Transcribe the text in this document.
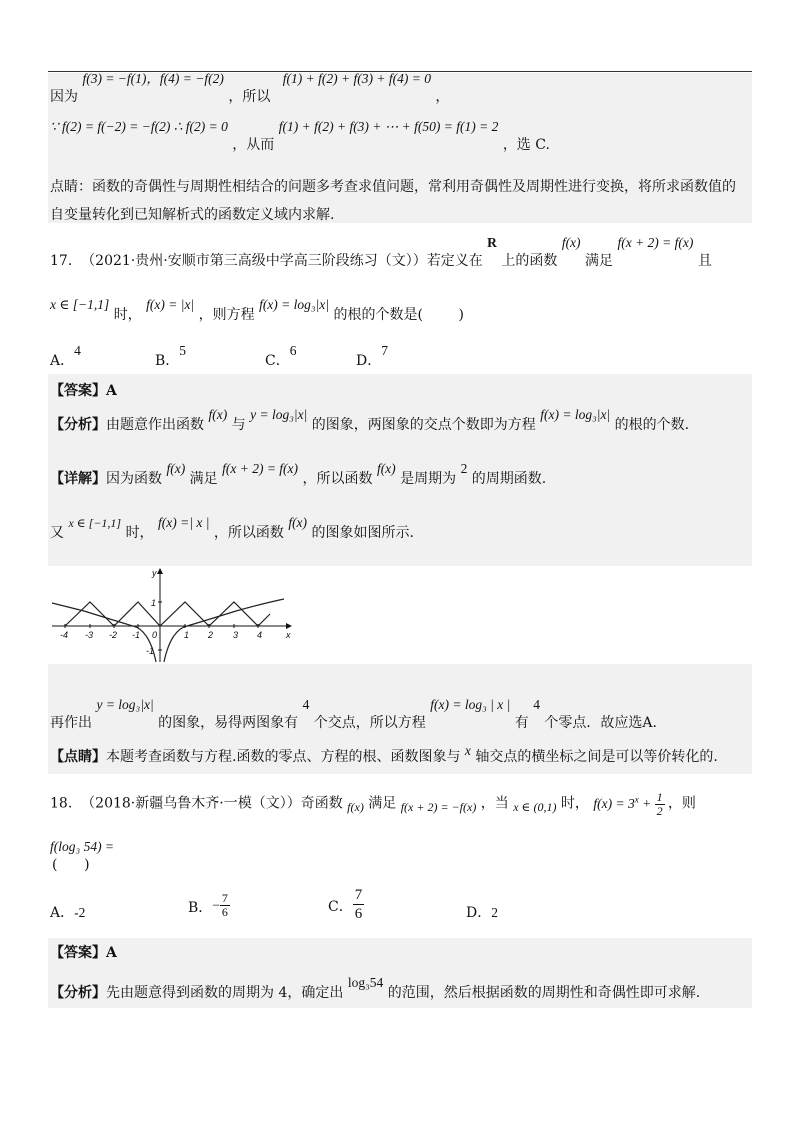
因为 f(3) = −f(1)，f(4) = −f(2) ，所以 f(1) + f(2) + f(3) + f(4) = 0 ，
∵ f(2) = f(−2) = −f(2) ∴ f(2) = 0 ，从而 f(1) + f(2) + f(3) + ⋯ + f(50) = f(1) = 2 ，选 C.
点睛：函数的奇偶性与周期性相结合的问题多考查求值问题，常利用奇偶性及周期性进行变换，将所求函数值的
自变量转化到已知解析式的函数定义域内求解.
17.  （2021·贵州·安顺市第三高级中学高三阶段练习（文））若定义在 R 上的函数 f(x) 满足 f(x + 2) = f(x) 且
x ∈ [−1,1] 时， f(x) = |x| ，则方程 f(x) = log₃|x| 的根的个数是(        )
A．4
B．5
C．6
D．7
【答案】A
【分析】由题意作出函数 f(x) 与 y = log₃|x| 的图象，两图象的交点个数即为方程 f(x) = log₃|x| 的根的个数.
【详解】因为函数 f(x) 满足 f(x + 2) = f(x) ，所以函数 f(x) 是周期为 2 的周期函数.
又 x ∈ [−1,1] 时， f(x) =| x | ，所以函数 f(x) 的图象如图所示.
-4 -3 -2 -1 0	1 2 3 4
1
-1
x
y
再作出 y = log₃|x| 的图象，易得两图象有 4 个交点，所以方程 f(x) = log₃ | x | 有 4 个零点．故应选A.
【点睛】本题考查函数与方程.函数的零点、方程的根、函数图象与 x 轴交点的横坐标之间是可以等价转化的.
18.  （2018·新疆乌鲁木齐·一模（文））奇函数 f(x) 满足 f(x + 2) = −f(x) ，当 x ∈ (0,1) 时， $f(x) = 3^x + \frac{1}{2}$ ，则
f(log₃ 54) =
(      )
A．-2	B．− $\frac{7}{6}$	C． $\frac{7}{6}$	D．2
【答案】A
【分析】先由题意得到函数的周期为 4，确定出 log₃54 的范围，然后根据函数的周期性和奇偶性即可求解.
